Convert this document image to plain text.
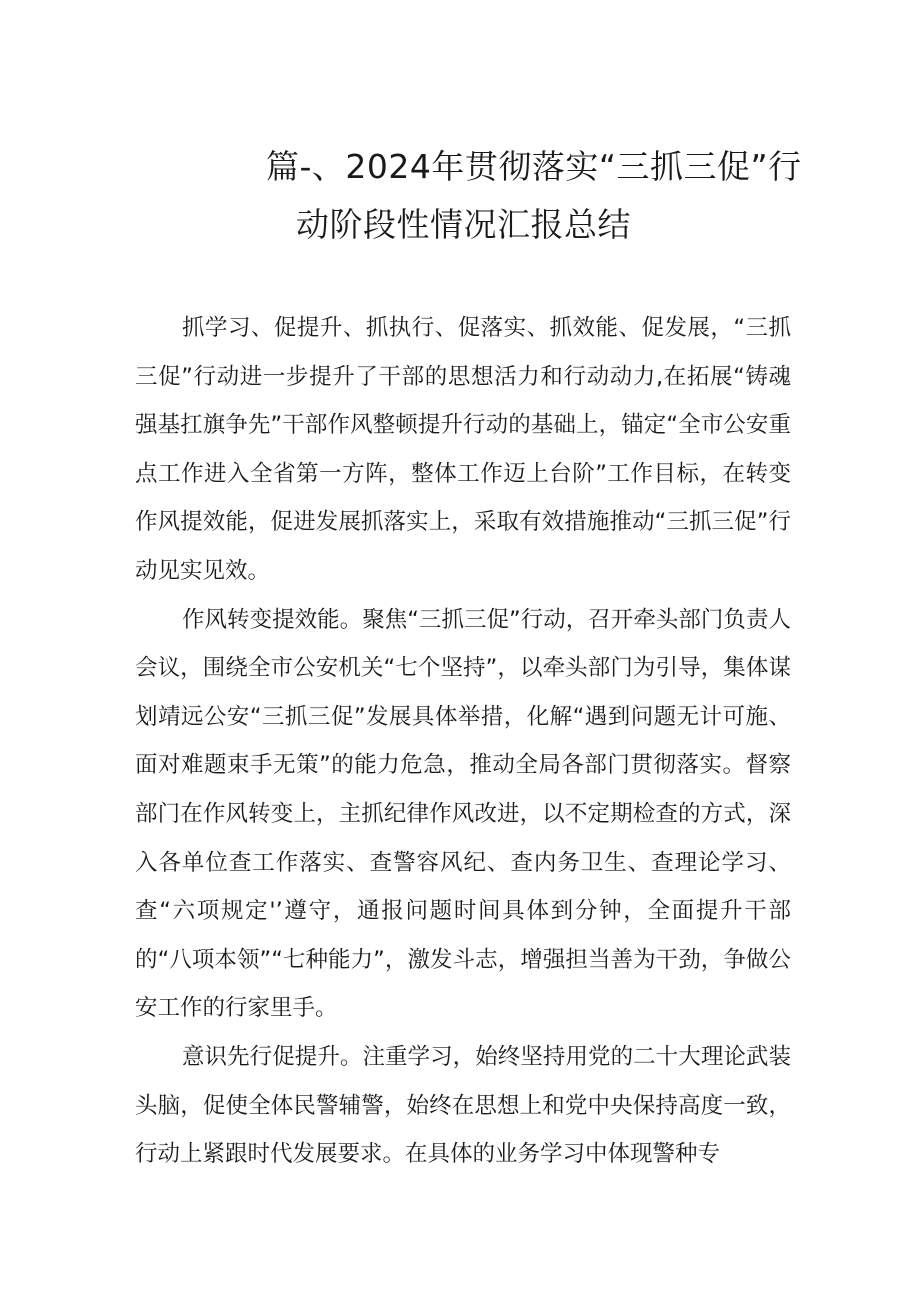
篇-、2024年贯彻落实“三抓三促”行
动阶段性情况汇报总结

抓学习、促提升、抓执行、促落实、抓效能、促发展，“三抓三促”行动进一步提升了干部的思想活力和行动动力,在拓展“铸魂强基扛旗争先”干部作风整顿提升行动的基础上，锚定“全市公安重点工作进入全省第一方阵，整体工作迈上台阶”工作目标，在转变作风提效能，促进发展抓落实上，采取有效措施推动“三抓三促”行动见实见效。

作风转变提效能。聚焦“三抓三促”行动，召开牵头部门负责人会议，围绕全市公安机关“七个坚持”，以牵头部门为引导，集体谋划靖远公安“三抓三促”发展具体举措，化解“遇到问题无计可施、面对难题束手无策”的能力危急，推动全局各部门贯彻落实。督察部门在作风转变上，主抓纪律作风改进，以不定期检查的方式，深入各单位查工作落实、查警容风纪、查内务卫生、查理论学习、查“六项规定'’遵守，通报问题时间具体到分钟，全面提升干部的“八项本领”“七种能力”，激发斗志，增强担当善为干劲，争做公安工作的行家里手。

意识先行促提升。注重学习，始终坚持用党的二十大理论武装头脑，促使全体民警辅警，始终在思想上和党中央保持高度一致，行动上紧跟时代发展要求。在具体的业务学习中体现警种专
